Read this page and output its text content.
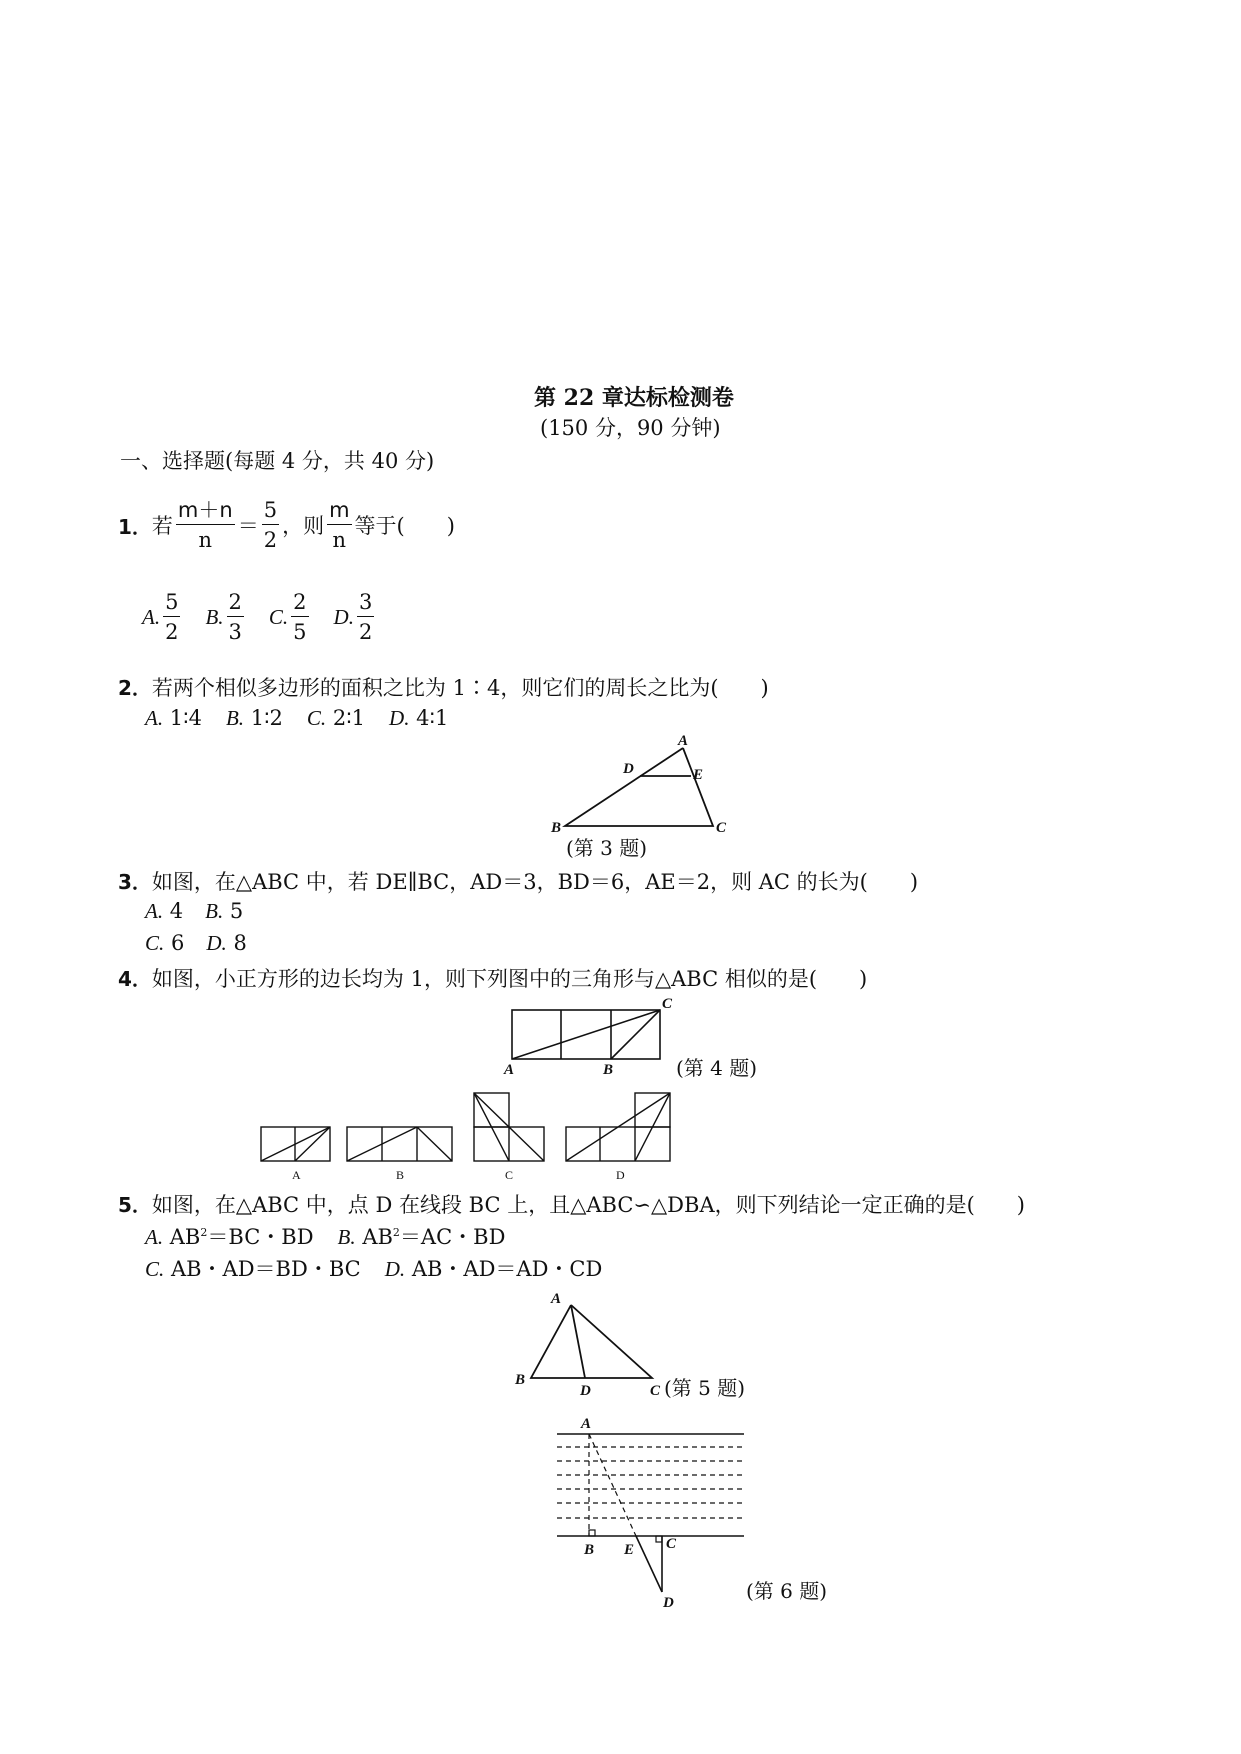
第 22 章达标检测卷
(150 分，90 分钟)
一、选择题(每题 4 分，共 40 分)
1． 若 $\frac{m+n}{n} = \frac{5}{2}$ ，则 $\frac{m}{n}$ 等于(　　)
A. $\frac{5}{2} B$. $\frac{2}{3} C$. $\frac{2}{5} D$. $\frac{3}{2}$
2．若两个相似多边形的面积之比为 1∶4，则它们的周长之比为(　　)
A. 1∶4 B. 1∶2 C. 2∶1 D. 4∶1
A
D	E
B	C
(第 3 题)
3．如图，在△ABC 中，若 DE∥BC，AD＝3，BD＝6，AE＝2，则 AC 的长为(　　)
A. 4 B. 5
C. 6 D. 8
4．如图，小正方形的边长均为 1，则下列图中的三角形与△ABC 相似的是(　　)
A	B
C
A	B	C	D
(第 4 题)
5．如图，在△ABC 中，点 D 在线段 BC 上，且△ABC∽△DBA，则下列结论一定正确的是(　　)
A. $AB^2=BC$・BD B. $AB^2=AC$・BD
C. AB・AD＝BD・BC D. AB・AD＝AD・CD
A
B
D	C (第 5 题)
A
B E C
D	(第 6 题)
